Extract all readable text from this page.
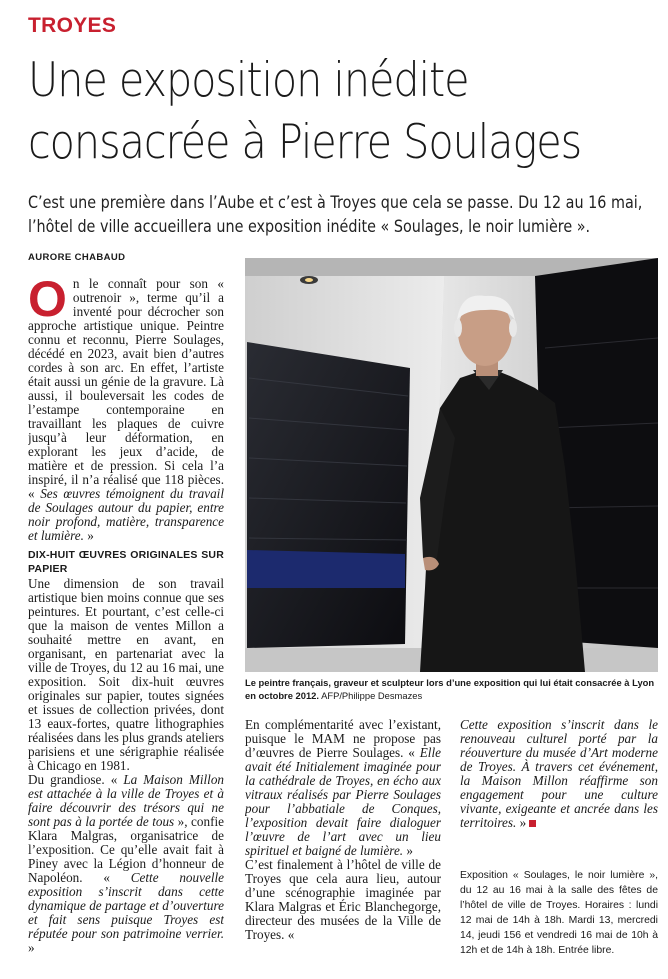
TROYES
Une exposition inédite
consacrée à Pierre Soulages
C’est une première dans l’Aube et c’est à Troyes que cela se passe. Du 12 au 16 mai,
l’hôtel de ville accueillera une exposition inédite « Soulages, le noir lumière ».
AURORE CHABAUD

On le connaît pour son « outrenoir », terme qu’il a inventé pour décrocher son approche artistique unique. Peintre connu et reconnu, Pierre Soulages, décédé en 2023, avait bien d’autres cordes à son arc. En effet, l’artiste était aussi un génie de la gravure. Là aussi, il bouleversait les codes de l’estampe contemporaine en travaillant les plaques de cuivre jusqu’à leur déformation, en explorant les jeux d’acide, de matière et de pression. Si cela l’a inspiré, il n’a réalisé que 118 pièces. « Ses œuvres témoignent du travail de Soulages autour du papier, entre noir profond, matière, transparence et lumière. »

DIX-HUIT ŒUVRES ORIGINALES SUR PAPIER

Une dimension de son travail artistique bien moins connue que ses peintures. Et pourtant, c’est celle-ci que la maison de ventes Millon a souhaité mettre en avant, en organisant, en partenariat avec la ville de Troyes, du 12 au 16 mai, une exposition. Soit dix-huit œuvres originales sur papier, toutes signées et issues de collection privées, dont 13 eaux-fortes, quatre lithographies réalisées dans les plus grands ateliers parisiens et une sérigraphie réalisée à Chicago en 1981.

Du grandiose. « La Maison Millon est attachée à la ville de Troyes et à faire découvrir des trésors qui ne sont pas à la portée de tous », confie Klara Malgras, organisatrice de l’exposition. Ce qu’elle avait fait à Piney avec la Légion d’honneur de Napoléon. « Cette nouvelle exposition s’inscrit dans cette dynamique de partage et d’ouverture et fait sens puisque Troyes est réputée pour son patrimoine verrier. »

Le peintre français, graveur et sculpteur lors d’une exposition qui lui était consacrée à Lyon en octobre 2012. AFP/Philippe Desmazes

En complémentarité avec l’existant, puisque le MAM ne propose pas d’œuvres de Pierre Soulages. « Elle avait été Initialement imaginée pour la cathédrale de Troyes, en écho aux vitraux réalisés par Pierre Soulages pour l’abbatiale de Conques, l’exposition devait faire dialoguer l’œuvre de l’art avec un lieu spirituel et baigné de lumière. »

C’est finalement à l’hôtel de ville de Troyes que cela aura lieu, autour d’une scénographie imaginée par Klara Malgras et Éric Blanchegorge, directeur des musées de la Ville de Troyes. «

Cette exposition s’inscrit dans le renouveau culturel porté par la réouverture du musée d’Art moderne de Troyes. À travers cet événement, la Maison Millon réaffirme son engagement pour une culture vivante, exigeante et ancrée dans les territoires. »

Exposition « Soulages, le noir lumière », du 12 au 16 mai à la salle des fêtes de l’hôtel de ville de Troyes. Horaires : lundi 12 mai de 14h à 18h. Mardi 13, mercredi 14, jeudi 156 et vendredi 16 mai de 10h à 12h et de 14h à 18h. Entrée libre.
